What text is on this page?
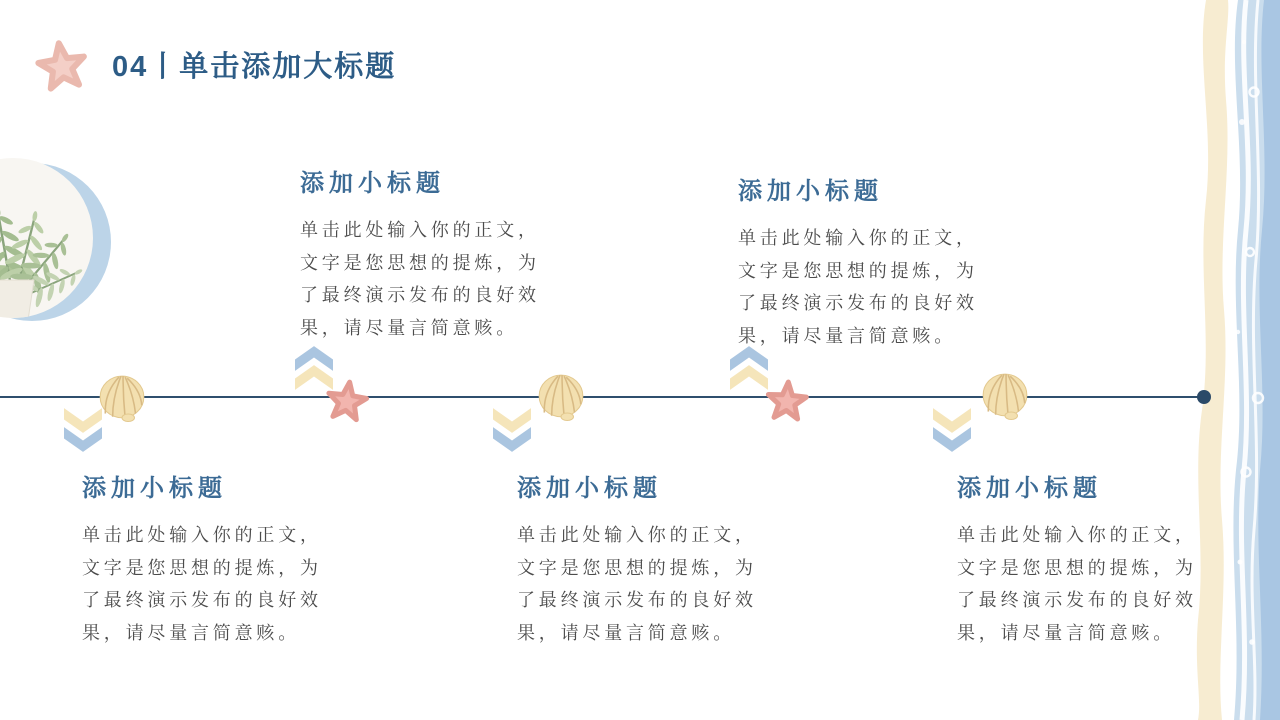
04丨单击添加大标题
添加小标题

单击此处输入你的正文，文字是您思想的提炼，为了最终演示发布的良好效果，请尽量言简意赅。

添加小标题

单击此处输入你的正文，文字是您思想的提炼，为了最终演示发布的良好效果，请尽量言简意赅。

添加小标题

单击此处输入你的正文，文字是您思想的提炼，为了最终演示发布的良好效果，请尽量言简意赅。

添加小标题

单击此处输入你的正文，文字是您思想的提炼，为了最终演示发布的良好效果，请尽量言简意赅。

添加小标题

单击此处输入你的正文，文字是您思想的提炼，为了最终演示发布的良好效果，请尽量言简意赅。
